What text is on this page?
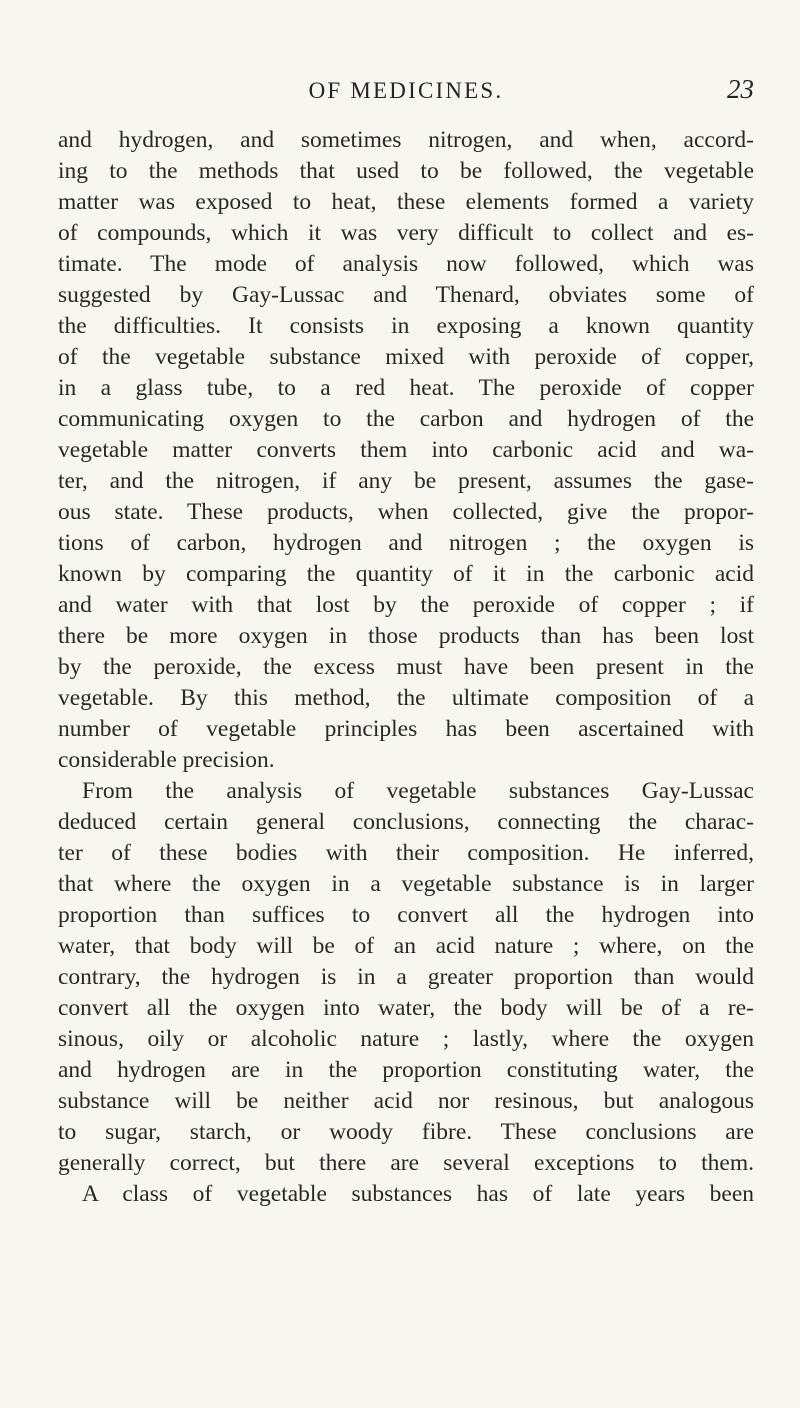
OF MEDICINES.	23
and hydrogen, and sometimes nitrogen, and when, accord-
ing to the methods that used to be followed, the vegetable
matter was exposed to heat, these elements formed a variety
of compounds, which it was very difficult to collect and es-
timate. The mode of analysis now followed, which was
suggested by Gay-Lussac and Thenard, obviates some of
the difficulties. It consists in exposing a known quantity
of the vegetable substance mixed with peroxide of copper,
in a glass tube, to a red heat. The peroxide of copper
communicating oxygen to the carbon and hydrogen of the
vegetable matter converts them into carbonic acid and wa-
ter, and the nitrogen, if any be present, assumes the gase-
ous state. These products, when collected, give the propor-
tions of carbon, hydrogen and nitrogen ; the oxygen is
known by comparing the quantity of it in the carbonic acid
and water with that lost by the peroxide of copper ; if
there be more oxygen in those products than has been lost
by the peroxide, the excess must have been present in the
vegetable. By this method, the ultimate composition of a
number of vegetable principles has been ascertained with
considerable precision.
From the analysis of vegetable substances Gay-Lussac
deduced certain general conclusions, connecting the charac-
ter of these bodies with their composition. He inferred,
that where the oxygen in a vegetable substance is in larger
proportion than suffices to convert all the hydrogen into
water, that body will be of an acid nature ; where, on the
contrary, the hydrogen is in a greater proportion than would
convert all the oxygen into water, the body will be of a re-
sinous, oily or alcoholic nature ; lastly, where the oxygen
and hydrogen are in the proportion constituting water, the
substance will be neither acid nor resinous, but analogous
to sugar, starch, or woody fibre. These conclusions are
generally correct, but there are several exceptions to them.
A class of vegetable substances has of late years been
